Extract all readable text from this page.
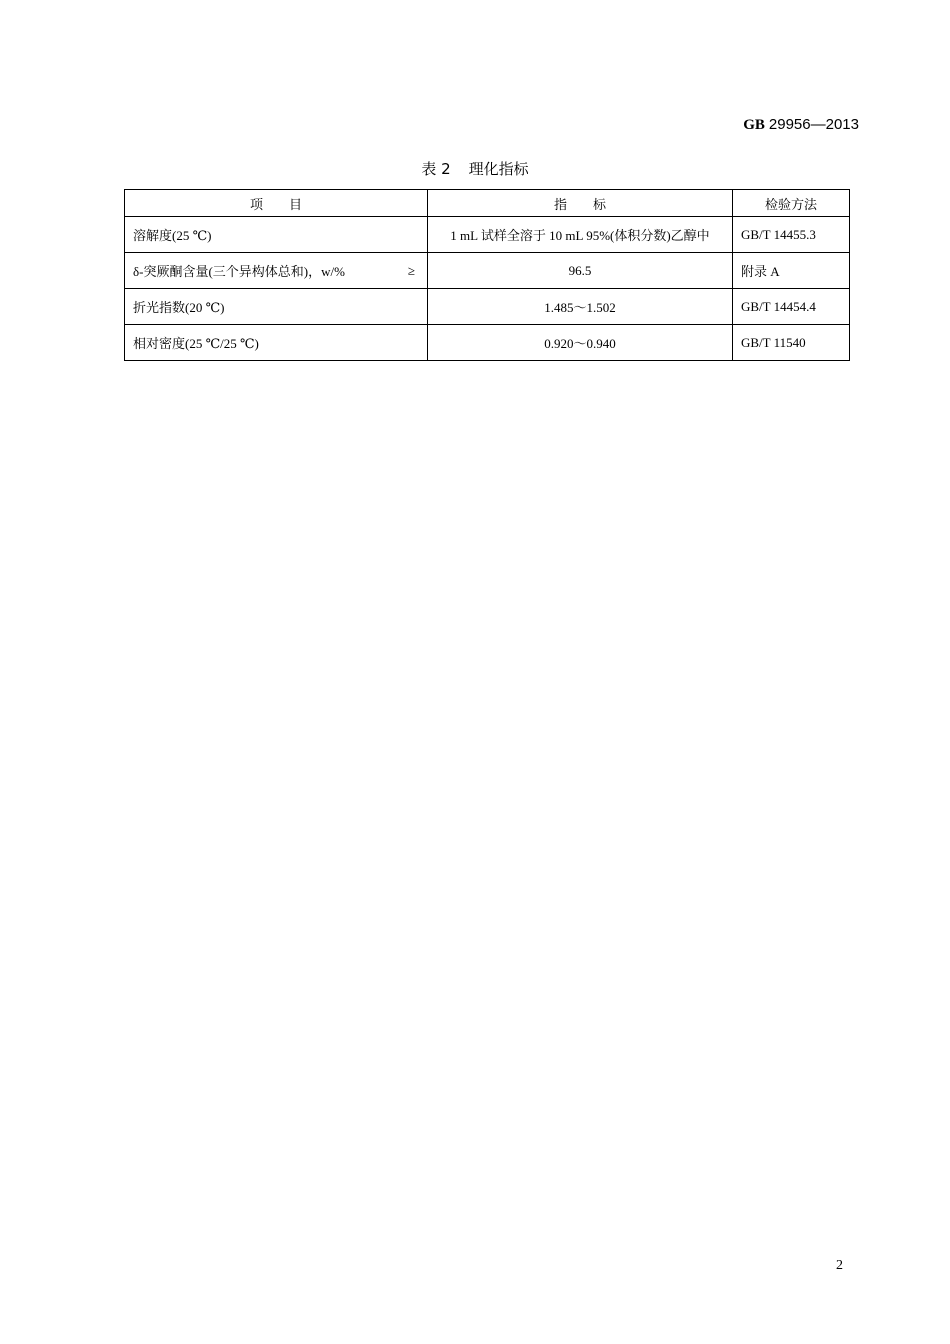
GB 29956—2013
表 2 理化指标
项　　目	指　　标	检验方法

溶解度(25 ℃)	1 mL 试样全溶于 10 mL 95%(体积分数)乙醇中	GB/T 14455.3

δ-突厥酮含量(三个异构体总和)，w/% ≥	96.5	附录 A

折光指数(20 ℃)	1.485～1.502	GB/T 14454.4

相对密度(25 ℃/25 ℃)	0.920～0.940	GB/T 11540
2
